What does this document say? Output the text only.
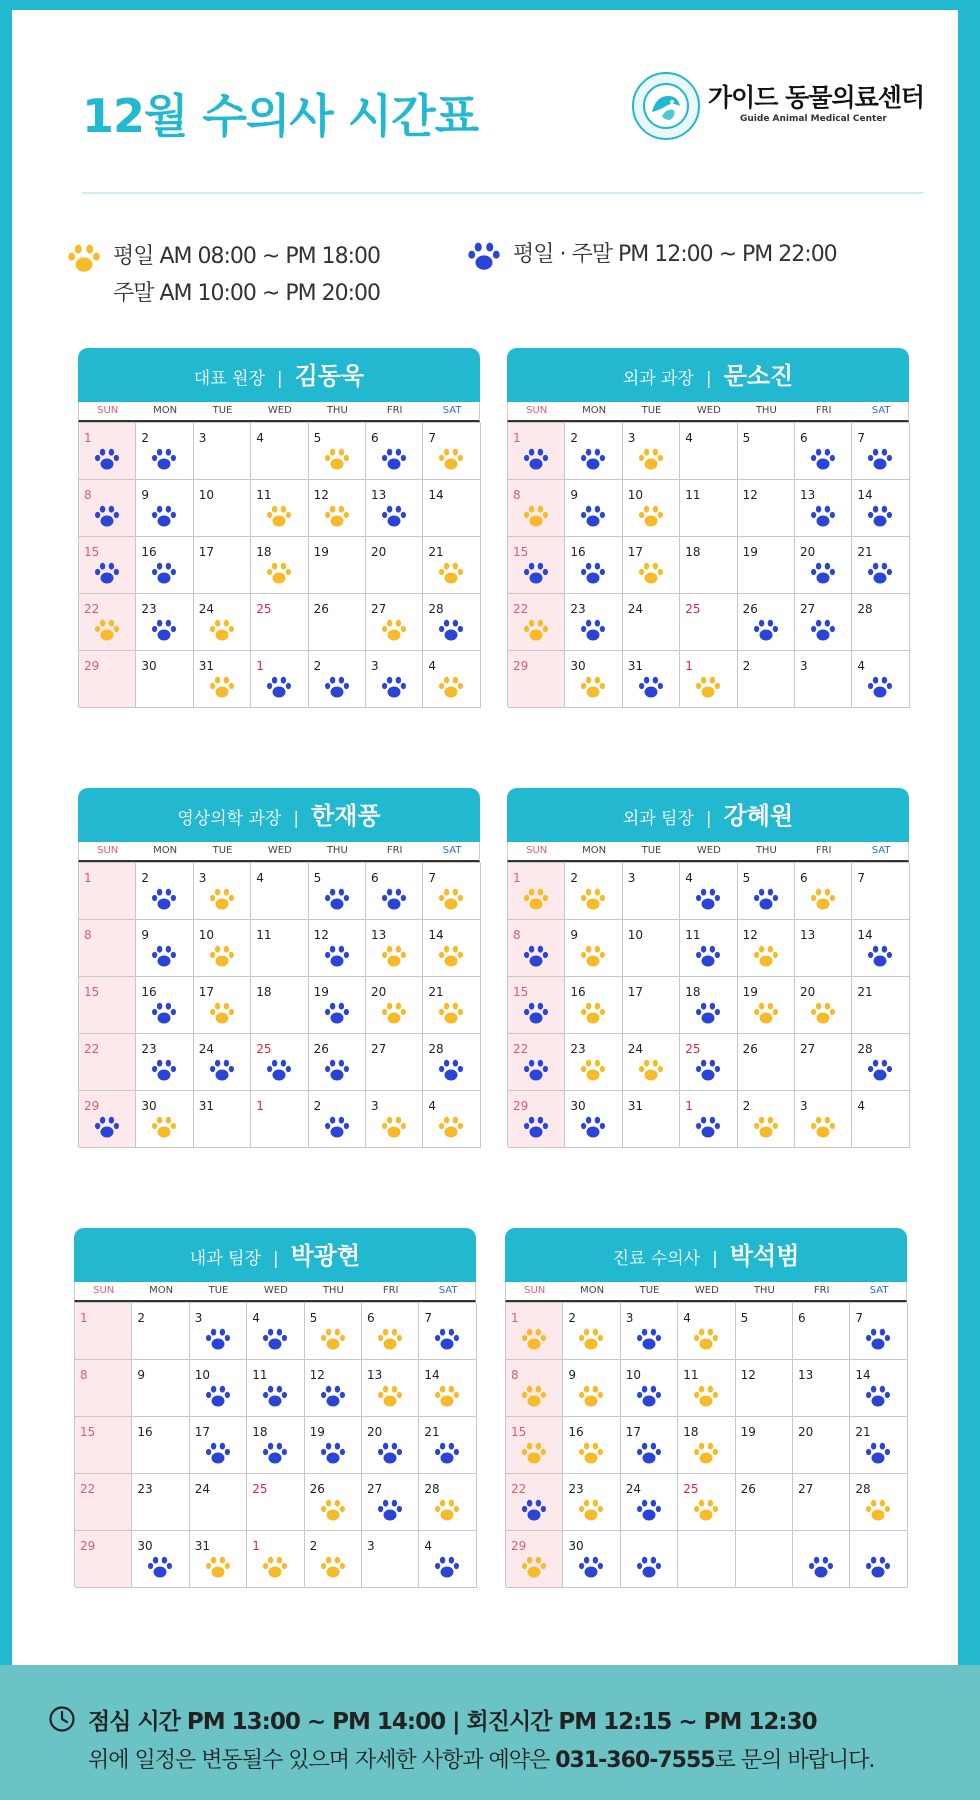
12월 수의사 시간표	가이드 동물의료센터
Guide Animal Medical Center
평일 AM 08:00 ~ PM 18:00
주말 AM 10:00 ~ PM 20:00
평일 · 주말 PM 12:00 ~ PM 22:00
대표 원장 | 김동욱
SUN	MON	TUE	WED	THU	FRI	SAT
1	2	3	4	5	6	7
8	9	10	11	12	13	14
15	16	17	18	19	20	21
22	23	24	25	26	27	28
29	30	31	1	2	3	4
외과 과장 | 문소진
SUN	MON	TUE	WED	THU	FRI	SAT
1	2	3	4	5	6	7
8	9	10	11	12	13	14
15	16	17	18	19	20	21
22	23	24	25	26	27	28
29	30	31	1	2	3	4
영상의학 과장 | 한재풍
SUN	MON	TUE	WED	THU	FRI	SAT
1	2	3	4	5	6	7
8	9	10	11	12	13	14
15	16	17	18	19	20	21
22	23	24	25	26	27	28
29	30	31	1	2	3	4
외과 팀장 | 강혜원
SUN	MON	TUE	WED	THU	FRI	SAT
1	2	3	4	5	6	7
8	9	10	11	12	13	14
15	16	17	18	19	20	21
22	23	24	25	26	27	28
29	30	31	1	2	3	4
내과 팀장 | 박광현
SUN	MON	TUE	WED	THU	FRI	SAT
1	2	3	4	5	6	7
8	9	10	11	12	13	14
15	16	17	18	19	20	21
22	23	24	25	26	27	28
29	30	31	1	2	3	4
진료 수의사 | 박석범
SUN	MON	TUE	WED	THU	FRI	SAT
1	2	3	4	5	6	7
8	9	10	11	12	13	14
15	16	17	18	19	20	21
22	23	24	25	26	27	28
29	30
점심 시간 PM 13:00 ~ PM 14:00 | 회진시간 PM 12:15 ~ PM 12:30
위에 일정은 변동될수 있으며 자세한 사항과 예약은 031-360-7555로 문의 바랍니다.
